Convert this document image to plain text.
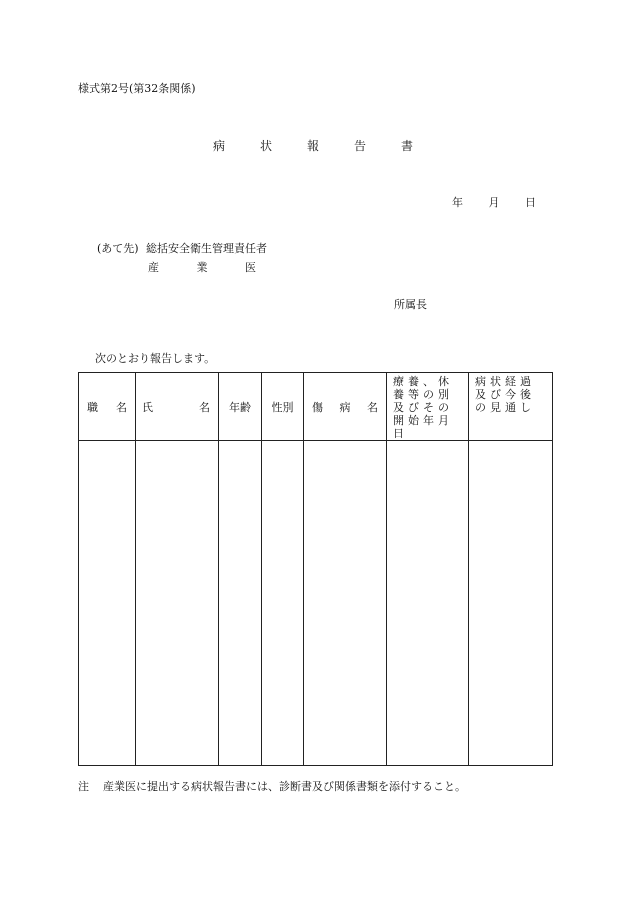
様式第2号(第32条関係)
病	状	報	告	書
年 月 日
(あて先) 総括安全衛生管理責任者
産	業	医
所属長
次のとおり報告します。
職 名	氏 名	年齢	性別	傷 病 名	療養、休養等の別及びその開始年月日	病状経過及び今後の見通し

注 産業医に提出する病状報告書には、診断書及び関係書類を添付すること。
